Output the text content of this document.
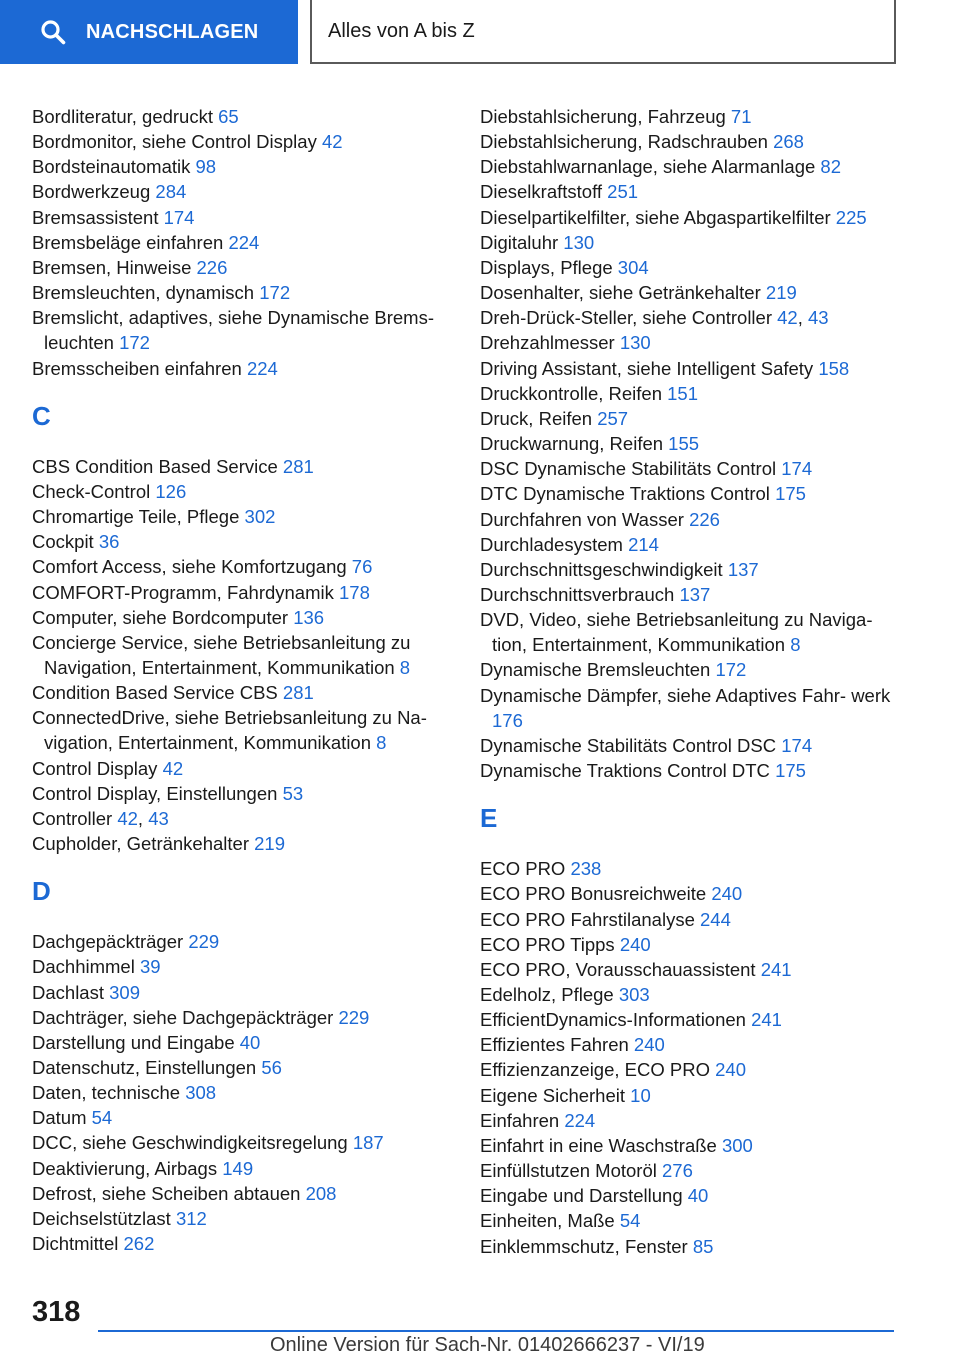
NACHSCHLAGEN	Alles von A bis Z
Bordliteratur, gedruckt 65
Bordmonitor, siehe Control Display 42
Bordsteinautomatik 98
Bordwerkzeug 284
Bremsassistent 174
Bremsbeläge einfahren 224
Bremsen, Hinweise 226
Bremsleuchten, dynamisch 172
Bremslicht, adaptives, siehe Dynamische Brems- leuchten 172
Bremsscheiben einfahren 224
C
CBS Condition Based Service 281
Check-Control 126
Chromartige Teile, Pflege 302
Cockpit 36
Comfort Access, siehe Komfortzugang 76
COMFORT-Programm, Fahrdynamik 178
Computer, siehe Bordcomputer 136
Concierge Service, siehe Betriebsanleitung zu Navigation, Entertainment, Kommunikation 8
Condition Based Service CBS 281
ConnectedDrive, siehe Betriebsanleitung zu Na- vigation, Entertainment, Kommunikation 8
Control Display 42
Control Display, Einstellungen 53
Controller 42, 43
Cupholder, Getränkehalter 219
D
Dachgepäckträger 229
Dachhimmel 39
Dachlast 309
Dachträger, siehe Dachgepäckträger 229
Darstellung und Eingabe 40
Datenschutz, Einstellungen 56
Daten, technische 308
Datum 54
DCC, siehe Geschwindigkeitsregelung 187
Deaktivierung, Airbags 149
Defrost, siehe Scheiben abtauen 208
Deichselstützlast 312
Dichtmittel 262
Diebstahlsicherung, Fahrzeug 71
Diebstahlsicherung, Radschrauben 268
Diebstahlwarnanlage, siehe Alarmanlage 82
Dieselkraftstoff 251
Dieselpartikelfilter, siehe Abgaspartikelfilter 225
Digitaluhr 130
Displays, Pflege 304
Dosenhalter, siehe Getränkehalter 219
Dreh-Drück-Steller, siehe Controller 42, 43
Drehzahlmesser 130
Driving Assistant, siehe Intelligent Safety 158
Druckkontrolle, Reifen 151
Druck, Reifen 257
Druckwarnung, Reifen 155
DSC Dynamische Stabilitäts Control 174
DTC Dynamische Traktions Control 175
Durchfahren von Wasser 226
Durchladesystem 214
Durchschnittsgeschwindigkeit 137
Durchschnittsverbrauch 137
DVD, Video, siehe Betriebsanleitung zu Naviga- tion, Entertainment, Kommunikation 8
Dynamische Bremsleuchten 172
Dynamische Dämpfer, siehe Adaptives Fahr- werk 176
Dynamische Stabilitäts Control DSC 174
Dynamische Traktions Control DTC 175
E
ECO PRO 238
ECO PRO Bonusreichweite 240
ECO PRO Fahrstilanalyse 244
ECO PRO Tipps 240
ECO PRO, Vorausschauassistent 241
Edelholz, Pflege 303
EfficientDynamics-Informationen 241
Effizientes Fahren 240
Effizienzanzeige, ECO PRO 240
Eigene Sicherheit 10
Einfahren 224
Einfahrt in eine Waschstraße 300
Einfüllstutzen Motoröl 276
Eingabe und Darstellung 40
Einheiten, Maße 54
Einklemmschutz, Fenster 85
318
Online Version für Sach-Nr. 01402666237 - VI/19
